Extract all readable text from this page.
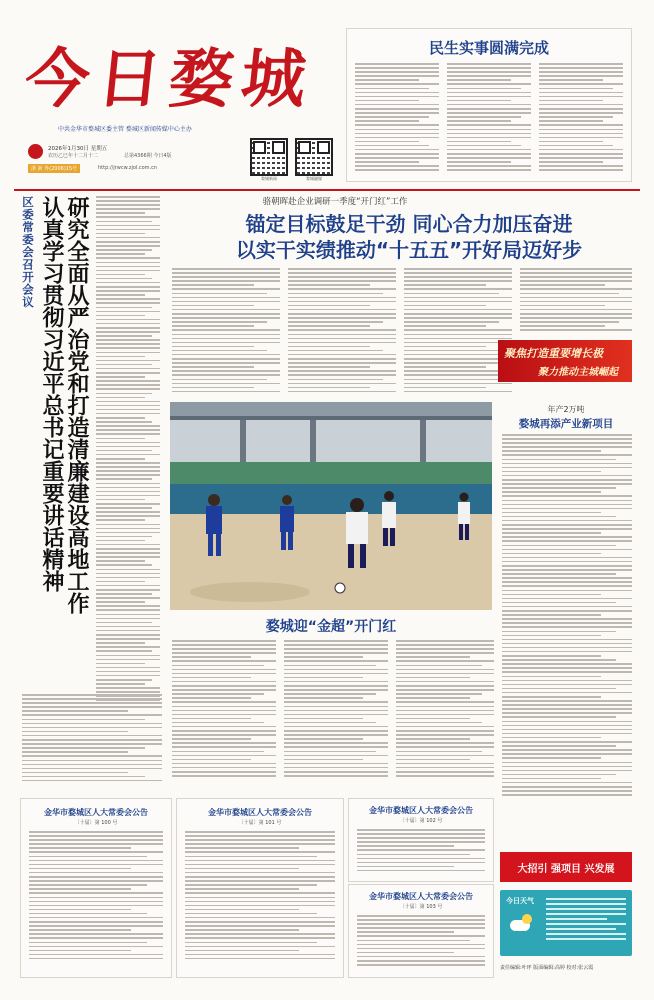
今日婺城
中共金华市婺城区委主管 婺城区新闻传媒中心主办
2026年1月30日 星期五
农历乙巳年十二月十二	总第4366期 今日4版
浙 新 外(2006)15号	http://jrwcw.zjol.com.cn
婺城新闻	婺城融媒
民生实事圆满完成
区委常委会召开会议 研究全面从严治党和打造清廉建设高地工作
认真学习贯彻习近平总书记重要讲话精神	骆朝晖赴企业调研一季度“开门红”工作
锚定目标鼓足干劲 同心合力加压奋进
以实干实绩推动“十五五”开好局迈好步
聚焦打造重要增长极
聚力推动主城崛起
婺城迎“金超”开门红
年产2万吨
婺城再添产业新项目
金华市婺城区人大常委会公告
〔十届〕第 100 号
金华市婺城区人大常委会公告
〔十届〕第 101 号
金华市婺城区人大常委会公告
〔十届〕第 102 号
金华市婺城区人大常委会公告
〔十届〕第 103 号
大招引 强项目 兴发展
今日天气
责任编辑:叶坪 版面编辑:高婷 校对:张云霞
